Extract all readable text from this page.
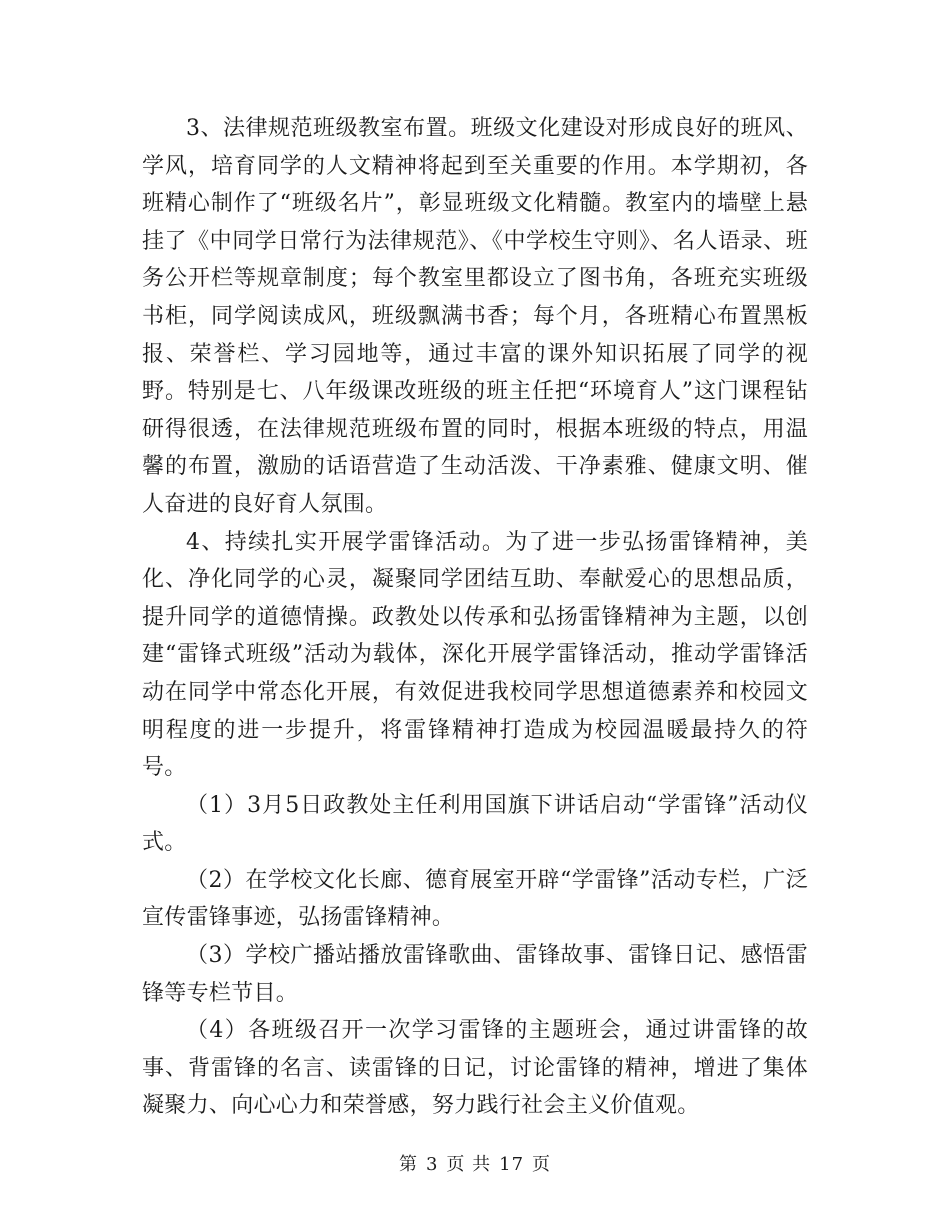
3、法律规范班级教室布置。班级文化建设对形成良好的班风、学风，培育同学的人文精神将起到至关重要的作用。本学期初，各班精心制作了“班级名片”，彰显班级文化精髓。教室内的墙壁上悬挂了《中同学日常行为法律规范》、《中学校生守则》、名人语录、班务公开栏等规章制度；每个教室里都设立了图书角，各班充实班级书柜，同学阅读成风，班级飘满书香；每个月，各班精心布置黑板报、荣誉栏、学习园地等，通过丰富的课外知识拓展了同学的视野。特别是七、八年级课改班级的班主任把“环境育人”这门课程钻研得很透，在法律规范班级布置的同时，根据本班级的特点，用温馨的布置，激励的话语营造了生动活泼、干净素雅、健康文明、催人奋进的良好育人氛围。

4、持续扎实开展学雷锋活动。为了进一步弘扬雷锋精神，美化、净化同学的心灵，凝聚同学团结互助、奉献爱心的思想品质，提升同学的道德情操。政教处以传承和弘扬雷锋精神为主题，以创建“雷锋式班级”活动为载体，深化开展学雷锋活动，推动学雷锋活动在同学中常态化开展，有效促进我校同学思想道德素养和校园文明程度的进一步提升，将雷锋精神打造成为校园温暖最持久的符号。

（1）3月5日政教处主任利用国旗下讲话启动“学雷锋”活动仪式。

（2）在学校文化长廊、德育展室开辟“学雷锋”活动专栏，广泛宣传雷锋事迹，弘扬雷锋精神。

（3）学校广播站播放雷锋歌曲、雷锋故事、雷锋日记、感悟雷锋等专栏节目。

（4）各班级召开一次学习雷锋的主题班会，通过讲雷锋的故事、背雷锋的名言、读雷锋的日记，讨论雷锋的精神，增进了集体凝聚力、向心心力和荣誉感，努力践行社会主义价值观。

第 3 页 共 17 页
